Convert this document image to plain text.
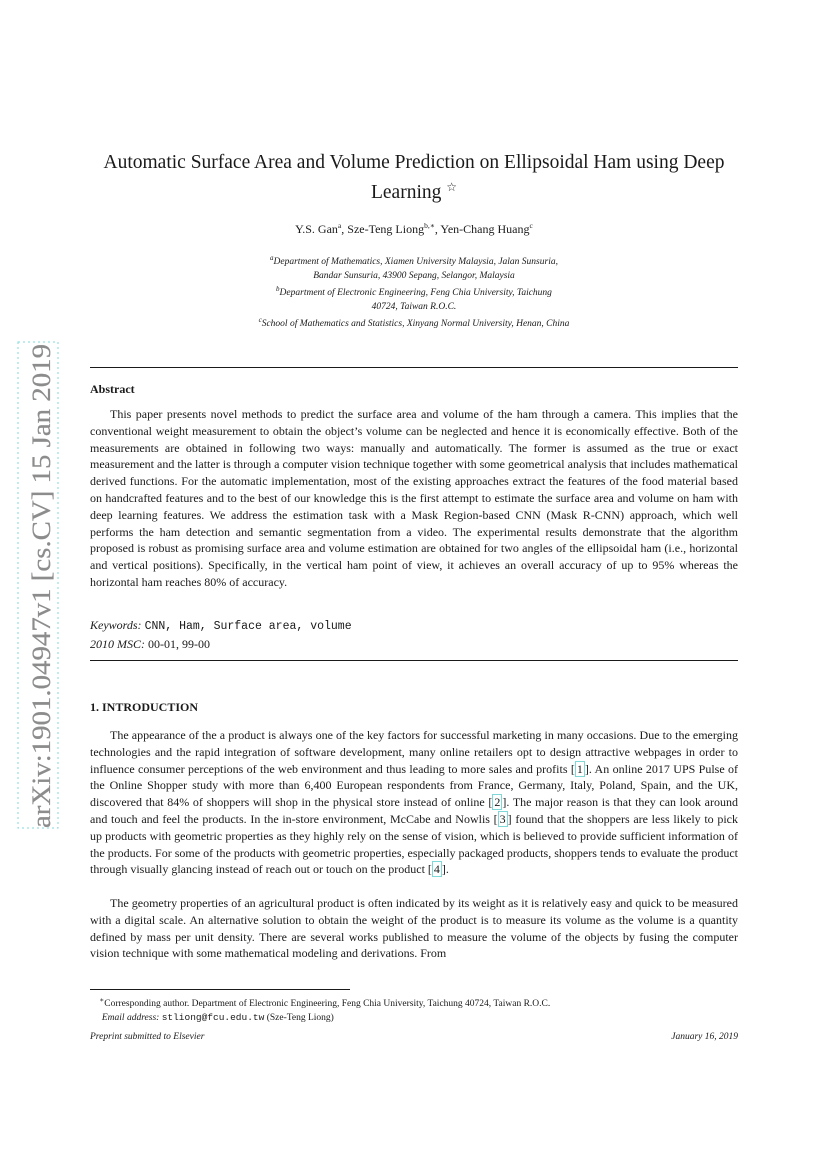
arXiv:1901.04947v1 [cs.CV] 15 Jan 2019
Automatic Surface Area and Volume Prediction on Ellipsoidal Ham using Deep
Learning ☆
Y.S. Gan$^a$, Sze-Teng Liong$^{b,∗}$, Yen-Chang Huang$^c$
$^a$Department of Mathematics, Xiamen University Malaysia, Jalan Sunsuria,
Bandar Sunsuria, 43900 Sepang, Selangor, Malaysia
$^b$Department of Electronic Engineering, Feng Chia University, Taichung
40724, Taiwan R.O.C.
$^c$School of Mathematics and Statistics, Xinyang Normal University, Henan, China
Abstract
This paper presents novel methods to predict the surface area and volume of the ham through a camera. This implies that the conventional weight measurement to obtain the object’s volume can be neglected and hence it is economically effective. Both of the measurements are obtained in following two ways: manually and automatically. The former is assumed as the true or exact measurement and the latter is through a computer vision technique together with some geometrical analysis that includes mathematical derived functions. For the automatic implementation, most of the existing approaches extract the features of the food material based on handcrafted features and to the best of our knowledge this is the first attempt to estimate the surface area and volume on ham with deep learning features. We address the estimation task with a Mask Region-based CNN (Mask R-CNN) approach, which well performs the ham detection and semantic segmentation from a video. The experimental results demonstrate that the algorithm proposed is robust as promising surface area and volume estimation are obtained for two angles of the ellipsoidal ham (i.e., horizontal and vertical positions). Specifically, in the vertical ham point of view, it achieves an overall accuracy of up to 95% whereas the horizontal ham reaches 80% of accuracy.
Keywords: CNN, Ham, Surface area, volume
2010 MSC: 00-01, 99-00
1. INTRODUCTION
The appearance of the a product is always one of the key factors for successful marketing in many occasions. Due to the emerging technologies and the rapid integration of software development, many online retailers opt to design attractive webpages in order to influence consumer perceptions of the web environment and thus leading to more sales and profits [ 1 ]. An online 2017 UPS Pulse of the Online Shopper study with more than 6,400 European respondents from France, Germany, Italy, Poland, Spain, and the UK, discovered that 84% of shoppers will shop in the physical store instead of online [ 2 ]. The major reason is that they can look around and touch and feel the products. In the in-store environment, McCabe and Nowlis [ 3 ] found that the shoppers are less likely to pick up products with geometric properties as they highly rely on the sense of vision, which is believed to provide sufficient information of the products. For some of the products with geometric properties, especially packaged products, shoppers tends to evaluate the product through visually glancing instead of reach out or touch on the product [ 4 ].
The geometry properties of an agricultural product is often indicated by its weight as it is relatively easy and quick to be measured with a digital scale. An alternative solution to obtain the weight of the product is to measure its volume as the volume is a quantity defined by mass per unit density. There are several works published to measure the volume of the objects by fusing the computer vision technique with some mathematical modeling and derivations. From
∗Corresponding author. Department of Electronic Engineering, Feng Chia University, Taichung 40724, Taiwan R.O.C.
Email address: stliong@fcu.edu.tw (Sze-Teng Liong)
Preprint submitted to Elsevier	January 16, 2019
